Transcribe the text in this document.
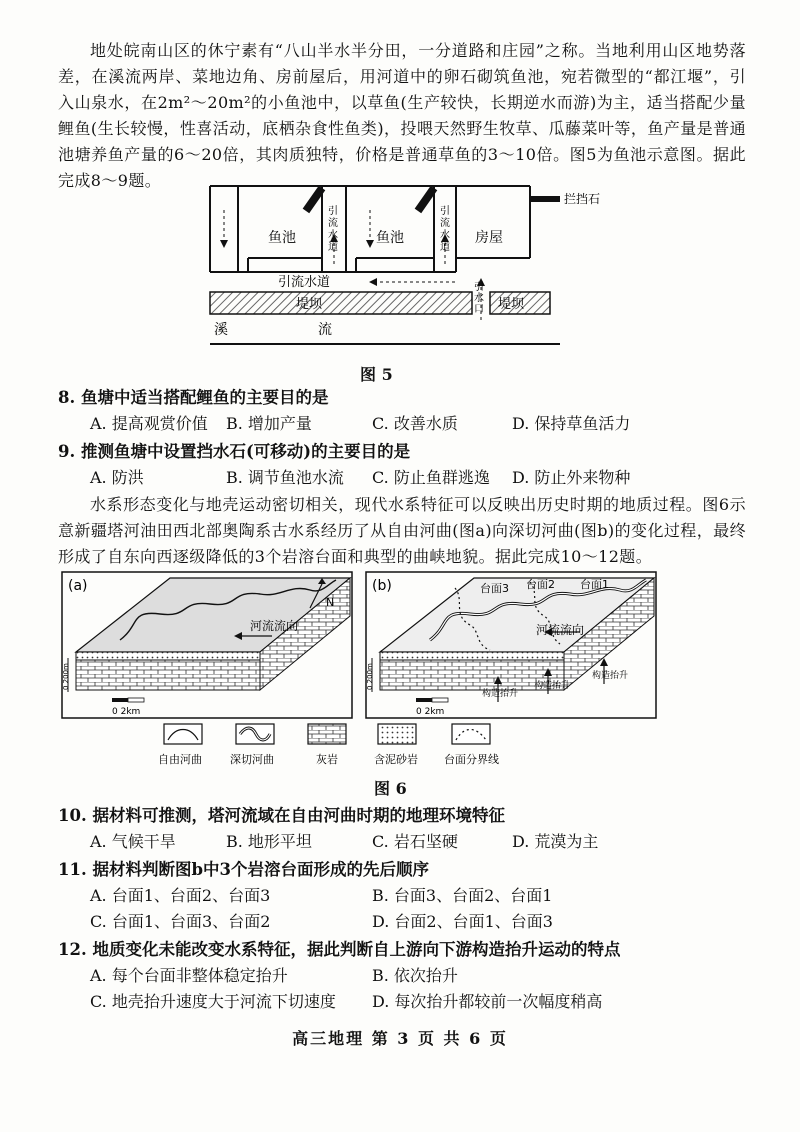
地处皖南山区的休宁素有“八山半水半分田，一分道路和庄园”之称。当地利用山区地势落差，在溪流两岸、菜地边角、房前屋后，用河道中的卵石砌筑鱼池，宛若微型的“都江堰”，引入山泉水，在2m²～20m²的小鱼池中，以草鱼(生产较快，长期逆水而游)为主，适当搭配少量鲤鱼(生长较慢，性喜活动，底栖杂食性鱼类)，投喂天然野生牧草、瓜藤菜叶等，鱼产量是普通池塘养鱼产量的6～20倍，其肉质独特，价格是普通草鱼的3～10倍。图5为鱼池示意图。据此完成8～9题。
鱼池	鱼池	房屋
引
流
水
道
引
流
水
道
引流水道
堤坝	堤坝
引
水
口
溪	流
拦挡石
图 5
8. 鱼塘中适当搭配鲤鱼的主要目的是
A. 提高观赏价值 B. 增加产量	C. 改善水质	D. 保持草鱼活力
9. 推测鱼塘中设置挡水石(可移动)的主要目的是
A. 防洪	B. 调节鱼池水流 C. 防止鱼群逃逸 D. 防止外来物种
水系形态变化与地壳运动密切相关，现代水系特征可以反映出历史时期的地质过程。图6示意新疆塔河油田西北部奥陶系古水系经历了从自由河曲(图a)向深切河曲(图b)的变化过程，最终形成了自东向西逐级降低的3个岩溶台面和典型的曲峡地貌。据此完成10～12题。
(a)
N
河流流向
0 200m
0 2km
(b)	台面3 台面2 台面1
河流流向
构造抬升
构造抬升
构造抬升
0 200m
0 2km
自由河曲	深切河曲	灰岩	含泥砂岩 台面分界线
图 6
10. 据材料可推测，塔河流域在自由河曲时期的地理环境特征
A. 气候干旱	B. 地形平坦	C. 岩石坚硬	D. 荒漠为主
11. 据材料判断图b中3个岩溶台面形成的先后顺序
A. 台面1、台面2、台面3	B. 台面3、台面2、台面1
C. 台面1、台面3、台面2	D. 台面2、台面1、台面3
12. 地质变化未能改变水系特征，据此判断自上游向下游构造抬升运动的特点
A. 每个台面非整体稳定抬升	B. 依次抬升
C. 地壳抬升速度大于河流下切速度 D. 每次抬升都较前一次幅度稍高
高三地理 第 3 页 共 6 页
